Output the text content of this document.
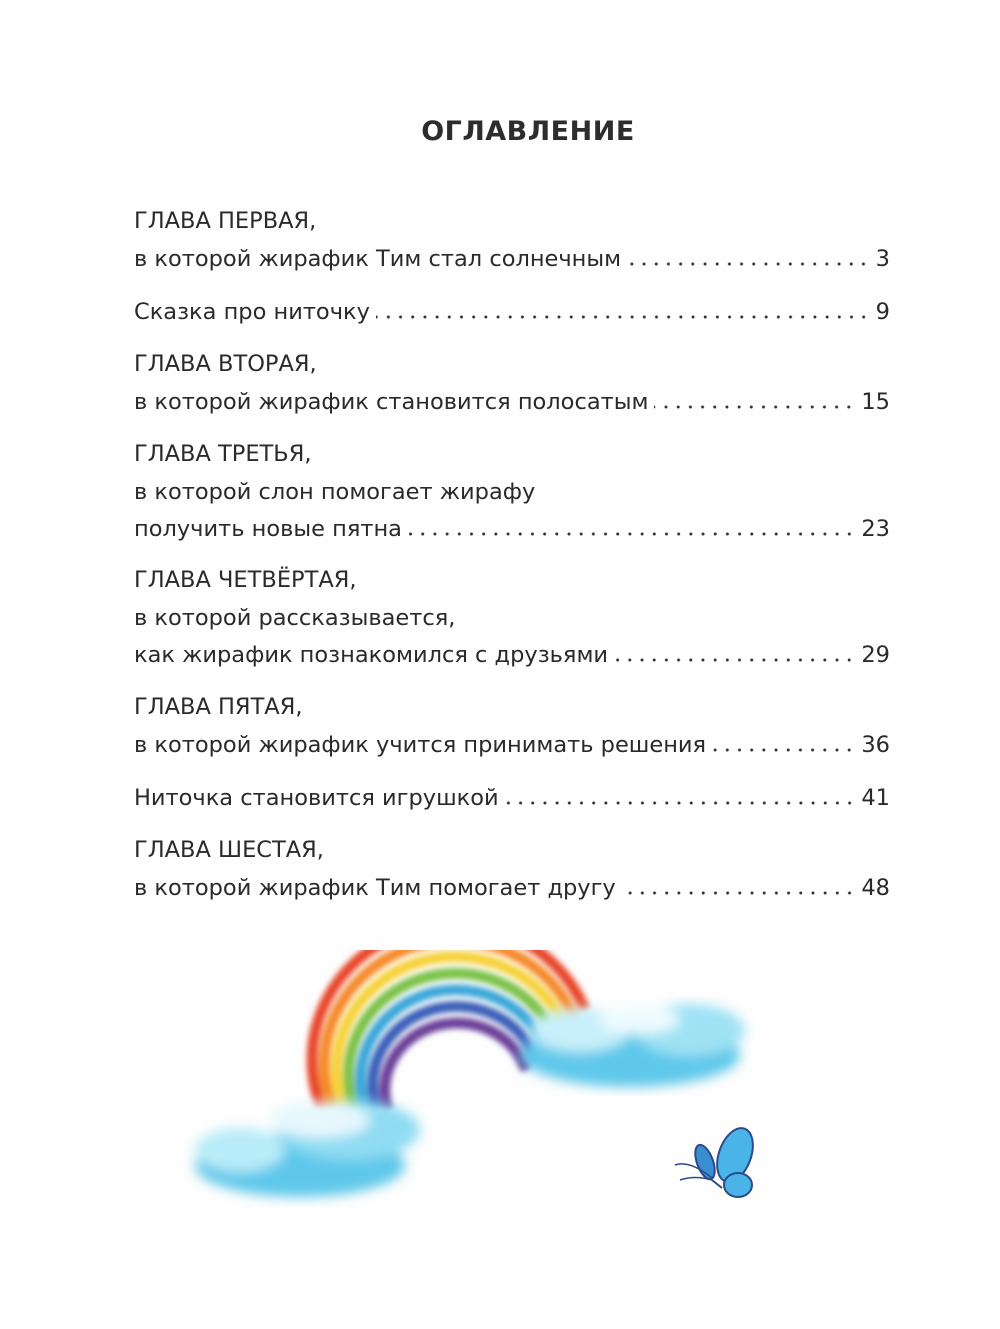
ОГЛАВЛЕНИЕ
ГЛАВА ПЕРВАЯ,
в которой жирафик Тим стал солнечным	3
Сказка про ниточку	9
ГЛАВА ВТОРАЯ,
в которой жирафик становится полосатым	15
ГЛАВА ТРЕТЬЯ,
в которой слон помогает жирафу
получить новые пятна	23
ГЛАВА ЧЕТВЁРТАЯ,
в которой рассказывается,
как жирафик познакомился с друзьями	29
ГЛАВА ПЯТАЯ,
в которой жирафик учится принимать решения	36
Ниточка становится игрушкой	41
ГЛАВА ШЕСТАЯ,
в которой жирафик Тим помогает другу	48
